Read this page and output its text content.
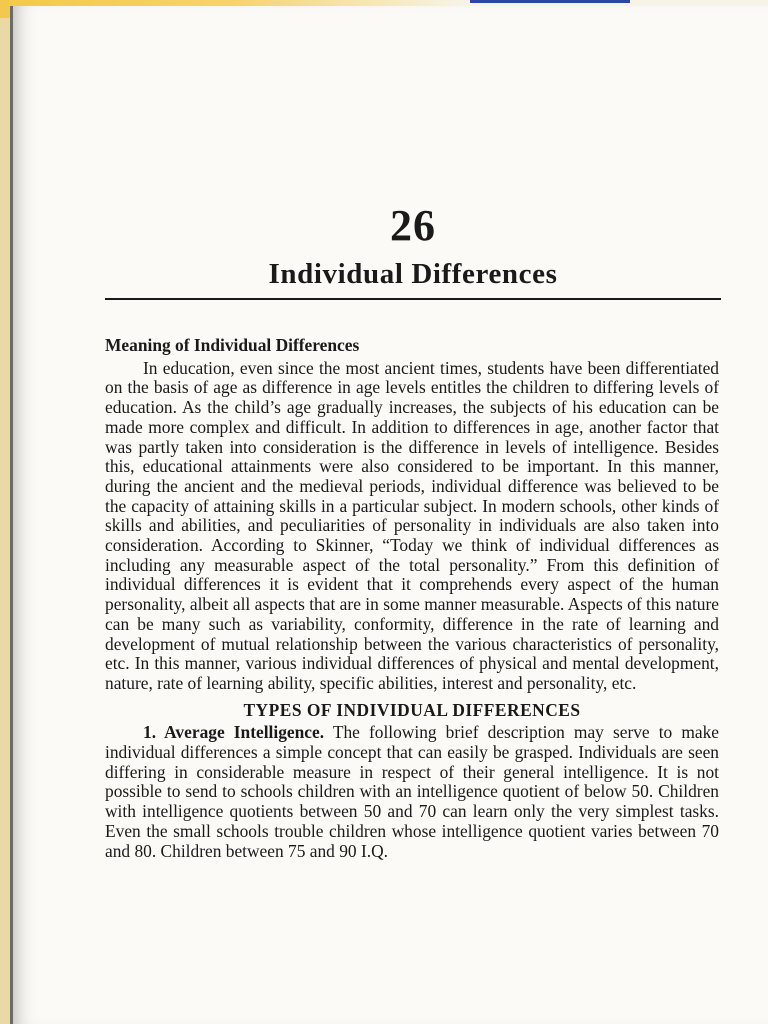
26
Individual Differences
Meaning of Individual Differences

In education, even since the most ancient times, students have been differentiated on the basis of age as difference in age levels entitles the children to differing levels of education. As the child’s age gradually increases, the subjects of his education can be made more complex and difficult. In addition to differences in age, another factor that was partly taken into consideration is the difference in levels of intelligence. Besides this, educational attainments were also considered to be important. In this manner, during the ancient and the medieval periods, individual difference was believed to be the capacity of attaining skills in a particular subject. In modern schools, other kinds of skills and abilities, and peculiarities of personality in individuals are also taken into consideration. According to Skinner, “Today we think of individual differences as including any measurable aspect of the total personality.” From this definition of individual differences it is evident that it comprehends every aspect of the human personality, albeit all aspects that are in some manner measurable. Aspects of this nature can be many such as variability, conformity, difference in the rate of learning and development of mutual relationship between the various characteristics of personality, etc. In this manner, various individual differences of physical and mental development, nature, rate of learning ability, specific abilities, interest and personality, etc.

TYPES OF INDIVIDUAL DIFFERENCES

1. Average Intelligence. The following brief description may serve to make individual differences a simple concept that can easily be grasped. Individuals are seen differing in considerable measure in respect of their general intelligence. It is not possible to send to schools children with an intelligence quotient of below 50. Children with intelligence quotients between 50 and 70 can learn only the very simplest tasks. Even the small schools trouble children whose intelligence quotient varies between 70 and 80. Children between 75 and 90 I.Q.
